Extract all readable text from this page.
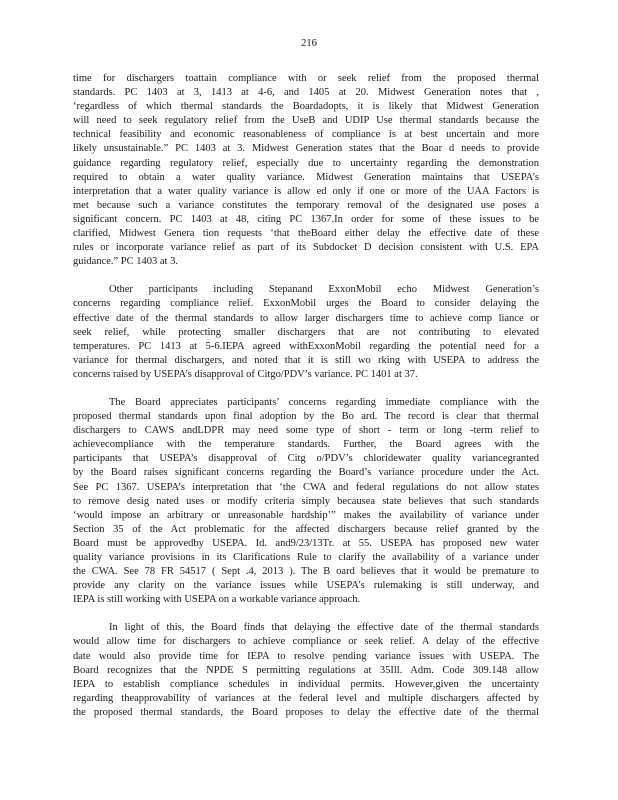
216

time for dischargers toattain compliance with or seek relief from the proposed thermal
standards. PC 1403 at 3, 1413 at 4-6, and 1405 at 20. Midwest Generation notes that ,
‘regardless of which thermal standards the Boardadopts, it is likely that Midwest Generation
will need to seek regulatory relief from the UseB and UDIP Use thermal standards because the
technical feasibility and economic reasonableness of compliance is at best uncertain and more
likely unsustainable.” PC 1403 at 3. Midwest Generation states that the Boar d needs to provide
guidance regarding regulatory relief, especially due to uncertainty regarding the demonstration
required to obtain a water quality variance. Midwest Generation maintains that USEPA’s
interpretation that a water quality variance is allow ed only if one or more of the UAA Factors is
met because such a variance constitutes the temporary removal of the designated use poses a
significant concern. PC 1403 at 48, citing PC 1367.In order for some of these issues to be
clarified, Midwest Genera tion requests ‘that theBoard either delay the effective date of these
rules or incorporate variance relief as part of its Subdocket D decision consistent with U.S. EPA
guidance.” PC 1403 at 3.

Other participants including Stepanand ExxonMobil echo Midwest Generation’s
concerns regarding compliance relief. ExxonMobil urges the Board to consider delaying the
effective date of the thermal standards to allow larger dischargers time to achieve comp liance or
seek relief, while protecting smaller dischargers that are not contributing to elevated
temperatures. PC 1413 at 5-6.IEPA agreed withExxonMobil regarding the potential need for a
variance for thermal dischargers, and noted that it is still wo rking with USEPA to address the
concerns raised by USEPA’s disapproval of Citgo/PDV’s variance. PC 1401 at 37.

The Board appreciates participants’ concerns regarding immediate compliance with the
proposed thermal standards upon final adoption by the Bo ard. The record is clear that thermal
dischargers to CAWS andLDPR may need some type of short - term or long -term relief to
achievecompliance with the temperature standards. Further, the Board agrees with the
participants that USEPA’s disapproval of Citg o/PDV’s chloridewater quality variancegranted
by the Board raises significant concerns regarding the Board’s variance procedure under the Act.
See PC 1367. USEPA’s interpretation that ‘the CWA and federal regulations do not allow states
to remove desig nated uses or modify criteria simply becausea state believes that such standards
‘would impose an arbitrary or unreasonable hardship’” makes the availability of variance under
Section 35 of the Act problematic for the affected dischargers because relief granted by the
Board must be approvedby USEPA. Id. and9/23/13Tr. at 55. USEPA has proposed new water
quality variance provisions in its Clarifications Rule to clarify the availability of a variance under
the CWA. See 78 FR 54517 ( Sept .4, 2013 ). The B oard believes that it would be premature to
provide any clarity on the variance issues while USEPA’s rulemaking is still underway, and
IEPA is still working with USEPA on a workable variance approach.

In light of this, the Board finds that delaying the effective date of the thermal standards
would allow time for dischargers to achieve compliance or seek relief. A delay of the effective
date would also provide time for IEPA to resolve pending variance issues with USEPA. The
Board recognizes that the NPDE S permitting regulations at 35Ill. Adm. Code 309.148 allow
IEPA to establish compliance schedules in individual permits. However,given the uncertainty
regarding theapprovability of variances at the federal level and multiple dischargers affected by
the proposed thermal standards, the Board proposes to delay the effective date of the thermal
